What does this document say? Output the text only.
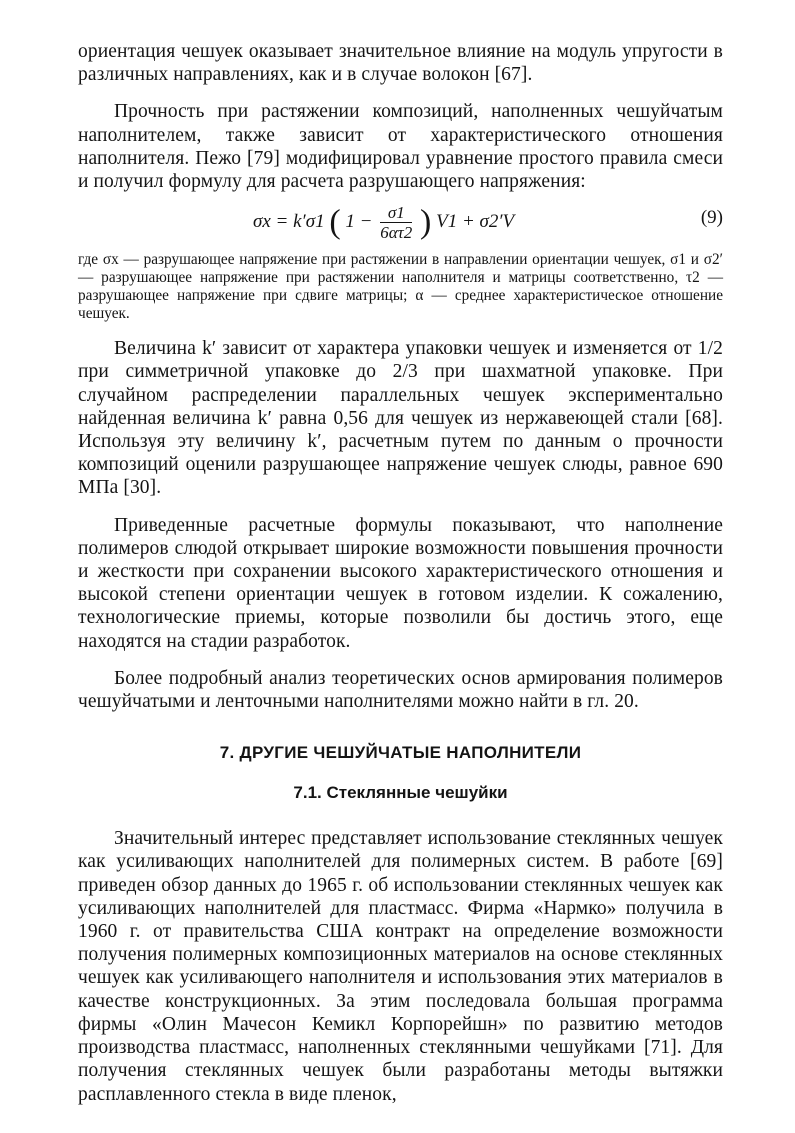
ориентация чешуек оказывает значительное влияние на модуль упругости в различных направлениях, как и в случае волокон [67].

Прочность при растяжении композиций, наполненных чешуйчатым наполнителем, также зависит от характеристического отношения наполнителя. Пежо [79] модифицировал уравнение простого правила смеси и получил формулу для расчета разрушающего напряжения:

σx = k′σ1 ( $1 - \frac{\sigma 1}{6\alpha\tau 2}$ ) V1 + σ2′V	(9)

где σx — разрушающее напряжение при растяжении в направлении ориентации чешуек, σ1 и σ2′ — разрушающее напряжение при растяжении наполнителя и матрицы соответственно, τ2 — разрушающее напряжение при сдвиге матрицы; α — среднее характеристическое отношение чешуек.

Величина k′ зависит от характера упаковки чешуек и изменяется от 1/2 при симметричной упаковке до 2/3 при шахматной упаковке. При случайном распределении параллельных чешуек экспериментально найденная величина k′ равна 0,56 для чешуек из нержавеющей стали [68]. Используя эту величину k′, расчетным путем по данным о прочности композиций оценили разрушающее напряжение чешуек слюды, равное 690 МПа [30].

Приведенные расчетные формулы показывают, что наполнение полимеров слюдой открывает широкие возможности повышения прочности и жесткости при сохранении высокого характеристического отношения и высокой степени ориентации чешуек в готовом изделии. К сожалению, технологические приемы, которые позволили бы достичь этого, еще находятся на стадии разработок.

Более подробный анализ теоретических основ армирования полимеров чешуйчатыми и ленточными наполнителями можно найти в гл. 20.

7. ДРУГИЕ ЧЕШУЙЧАТЫЕ НАПОЛНИТЕЛИ
7.1. Стеклянные чешуйки

Значительный интерес представляет использование стеклянных чешуек как усиливающих наполнителей для полимерных систем. В работе [69] приведен обзор данных до 1965 г. об использовании стеклянных чешуек как усиливающих наполнителей для пластмасс. Фирма «Нармко» получила в 1960 г. от правительства США контракт на определение возможности получения полимерных композиционных материалов на основе стеклянных чешуек как усиливающего наполнителя и использования этих материалов в качестве конструкционных. За этим последовала большая программа фирмы «Олин Мачесон Кемикл Корпорейшн» по развитию методов производства пластмасс, наполненных стеклянными чешуйками [71]. Для получения стеклянных чешуек были разработаны методы вытяжки расплавленного стекла в виде пленок,
